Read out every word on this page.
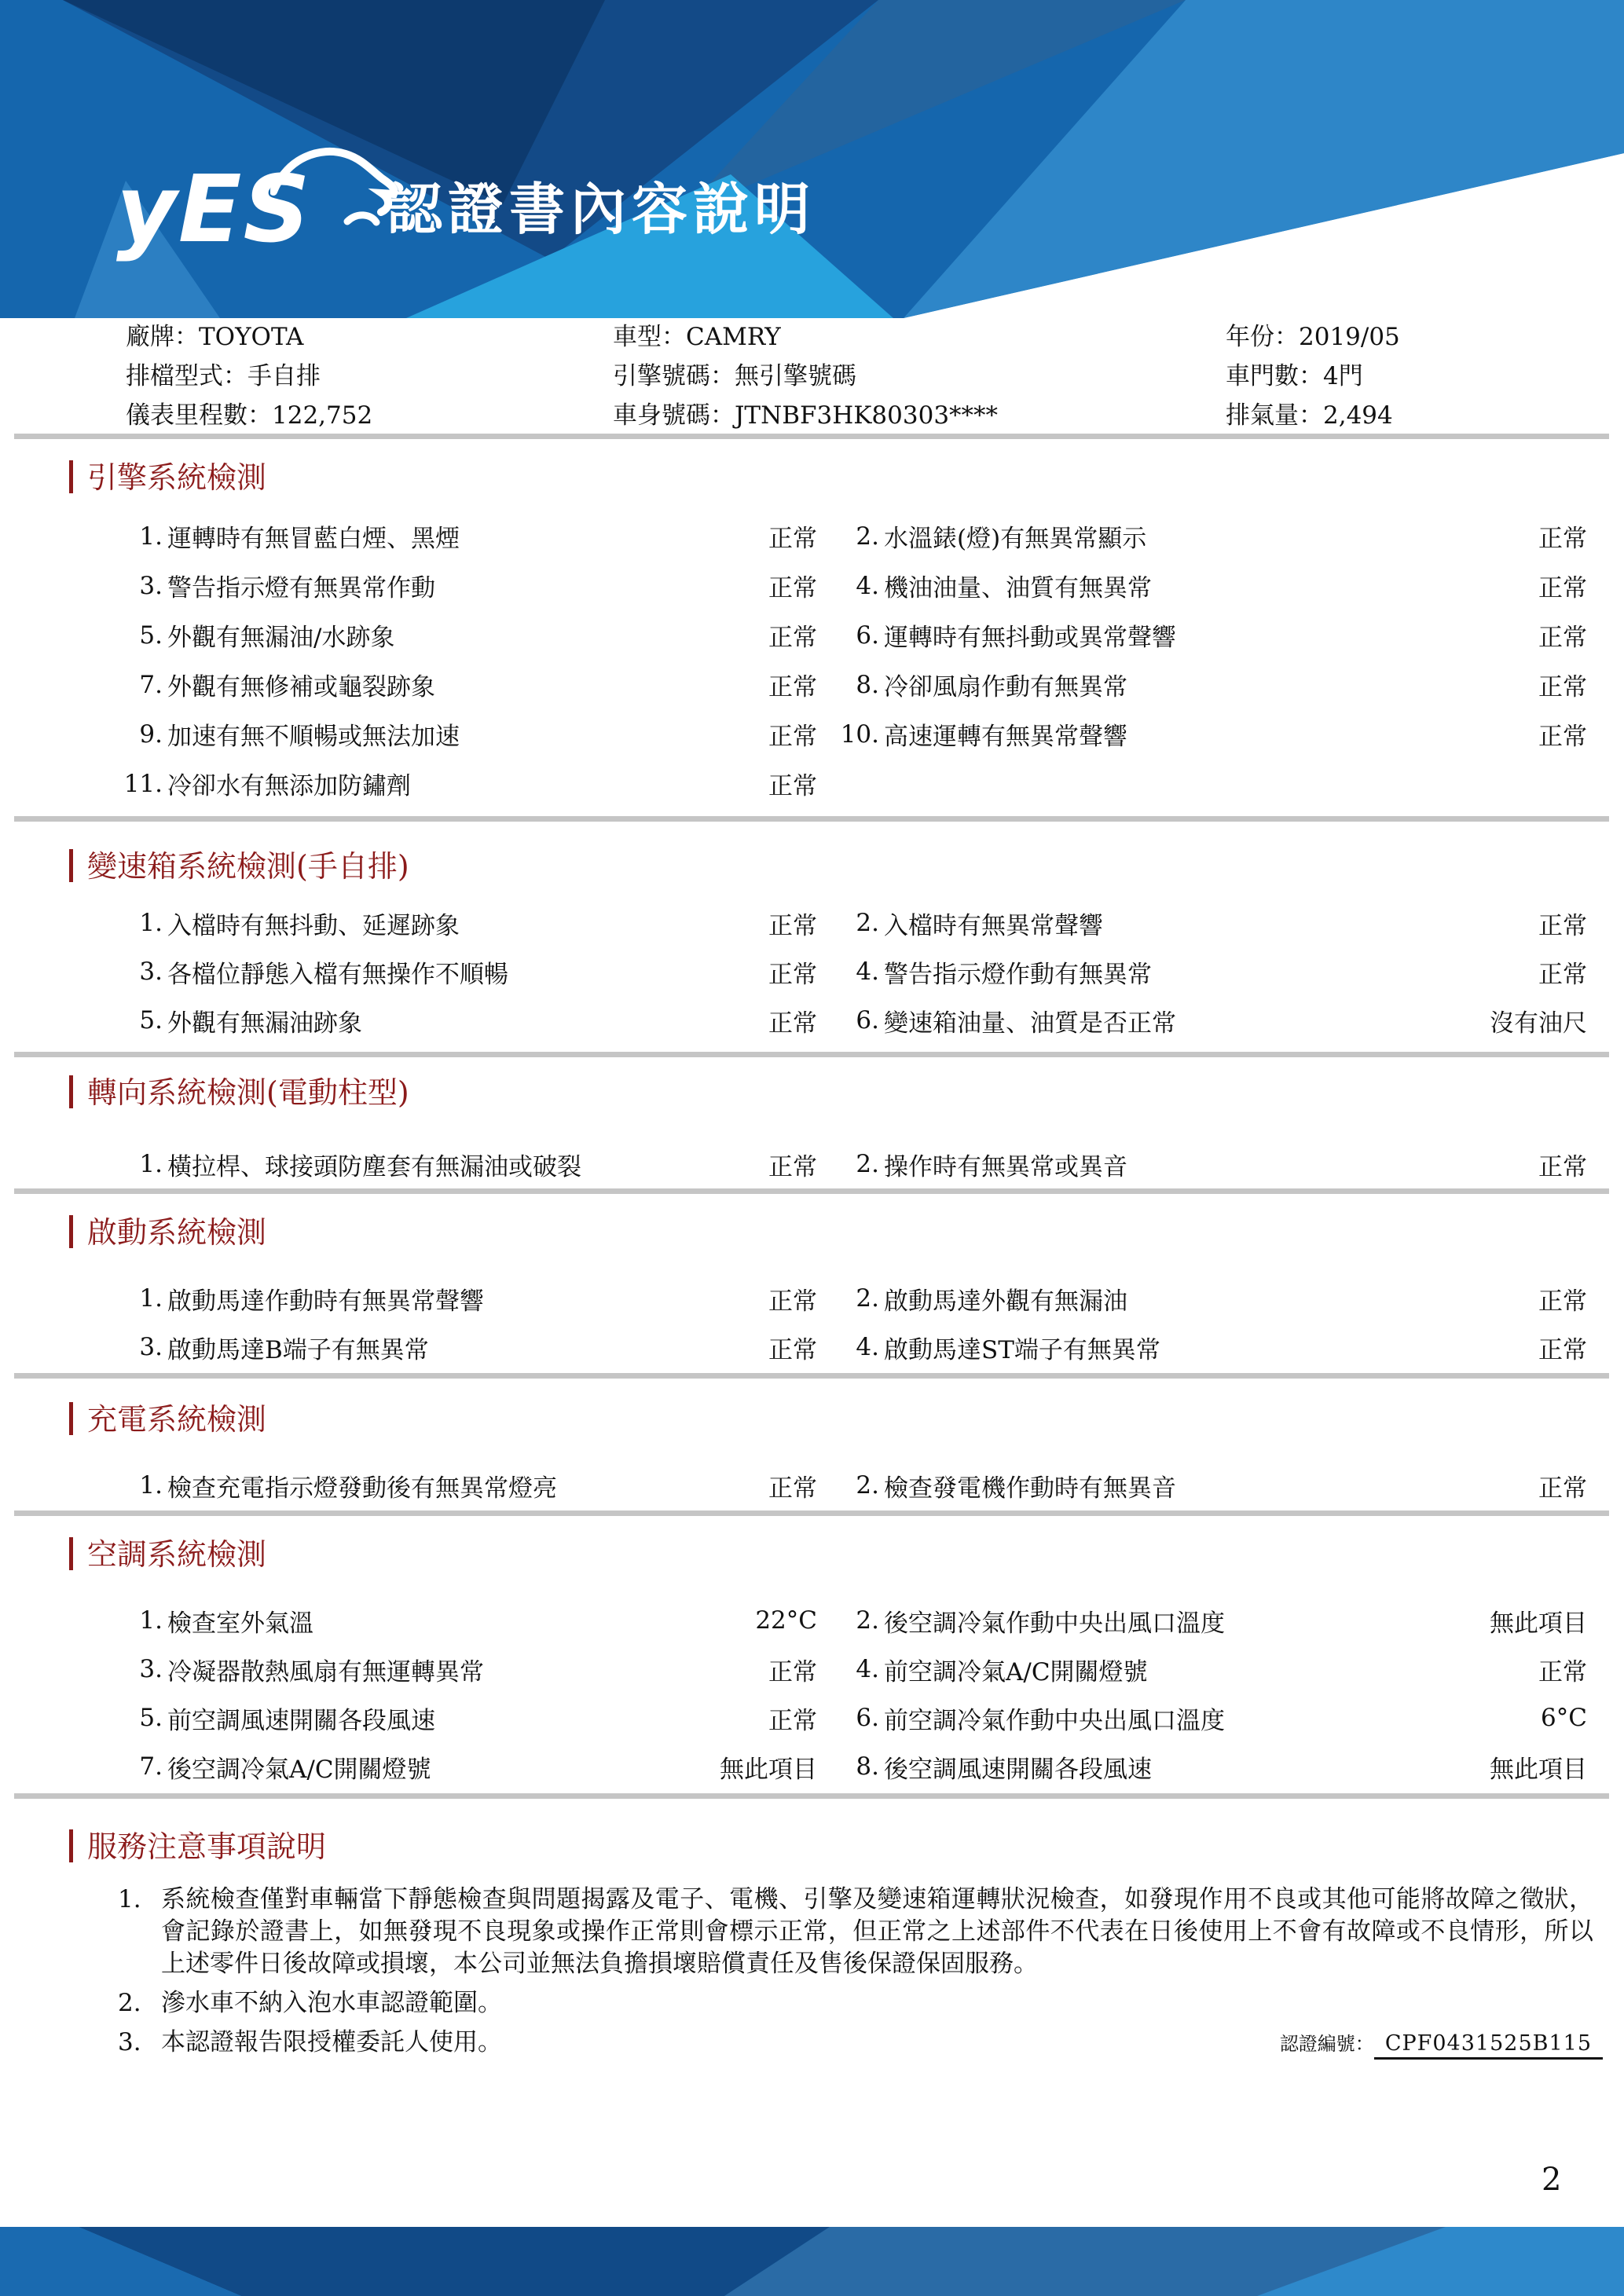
yES	認證書內容說明
廠牌：TOYOTA	車型：CAMRY	年份：2019/05
排檔型式：手自排	引擎號碼：無引擎號碼	車門數：4門
儀表里程數：122,752	車身號碼：JTNBF3HK80303****	排氣量：2,494
引擎系統檢測
1. 運轉時有無冒藍白煙、黑煙	正常	2. 水溫錶(燈)有無異常顯示	正常
3. 警告指示燈有無異常作動	正常	4. 機油油量、油質有無異常	正常
5. 外觀有無漏油/水跡象	正常	6. 運轉時有無抖動或異常聲響	正常
7. 外觀有無修補或龜裂跡象	正常	8. 冷卻風扇作動有無異常	正常
9. 加速有無不順暢或無法加速	正常 10. 高速運轉有無異常聲響	正常
11. 冷卻水有無添加防鏽劑	正常
變速箱系統檢測(手自排)
1. 入檔時有無抖動、延遲跡象	正常	2. 入檔時有無異常聲響	正常
3. 各檔位靜態入檔有無操作不順暢	正常	4. 警告指示燈作動有無異常	正常
5. 外觀有無漏油跡象	正常	6. 變速箱油量、油質是否正常	沒有油尺
轉向系統檢測(電動柱型)
1. 橫拉桿、球接頭防塵套有無漏油或破裂	正常	2. 操作時有無異常或異音	正常
啟動系統檢測
1. 啟動馬達作動時有無異常聲響	正常	2. 啟動馬達外觀有無漏油	正常
3. 啟動馬達B端子有無異常	正常	4. 啟動馬達ST端子有無異常	正常
充電系統檢測
1. 檢查充電指示燈發動後有無異常燈亮	正常	2. 檢查發電機作動時有無異音	正常
空調系統檢測
1. 檢查室外氣溫	22°C	2. 後空調冷氣作動中央出風口溫度	無此項目
3. 冷凝器散熱風扇有無運轉異常	正常	4. 前空調冷氣A/C開關燈號	正常
5. 前空調風速開關各段風速	正常	6. 前空調冷氣作動中央出風口溫度	6°C
7. 後空調冷氣A/C開關燈號	無此項目	8. 後空調風速開關各段風速	無此項目
服務注意事項說明
1. 系統檢查僅對車輛當下靜態檢查與問題揭露及電子、電機、引擎及變速箱運轉狀況檢查，如發現作用不良或其他可能將故障之徵狀，會記錄於證書上，如無發現不良現象或操作正常則會標示正常，但正常之上述部件不代表在日後使用上不會有故障或不良情形，所以上述零件日後故障或損壞，本公司並無法負擔損壞賠償責任及售後保證保固服務。
2. 滲水車不納入泡水車認證範圍。
3. 本認證報告限授權委託人使用。	認證編號： CPF0431525B115
2
